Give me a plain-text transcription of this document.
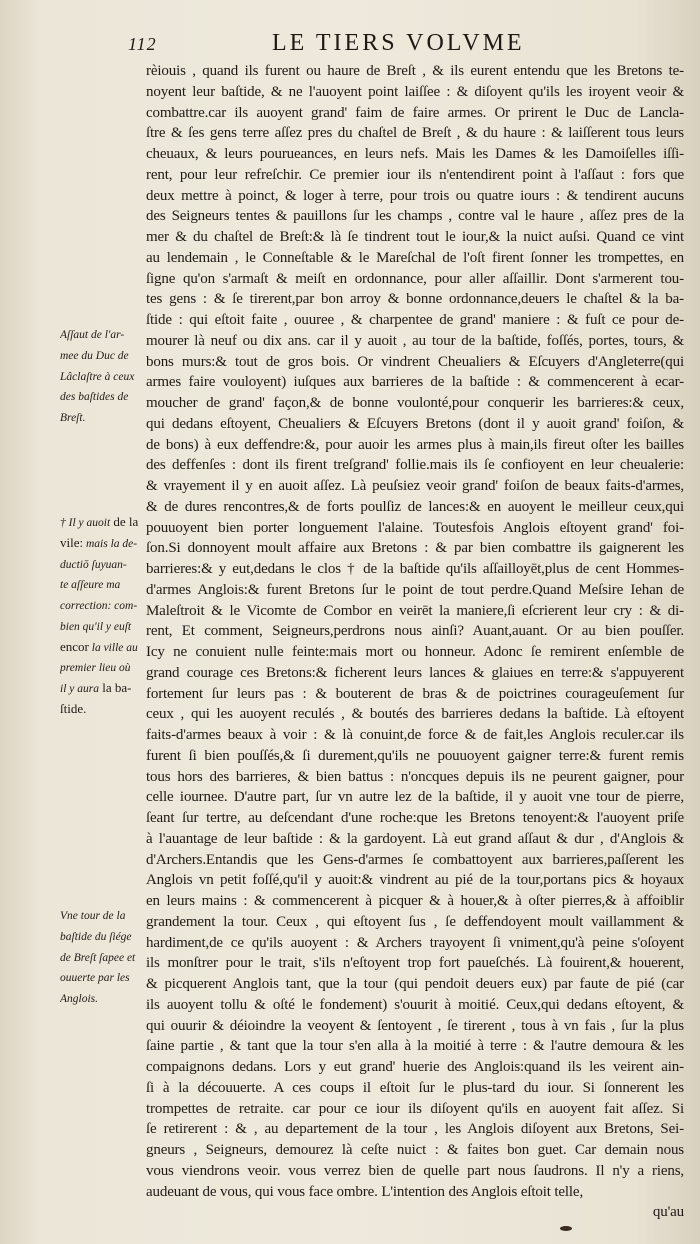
112	LE TIERS VOLVME
rèiouis , quand ils furent ou haure de Breſt , & ils eurent entendu que les Bretons te-
noyent leur baſtide, & ne l'auoyent point laiſſee : & diſoyent qu'ils les iroyent veoir &
combattre.car ils auoyent grand' faim de faire armes. Or prirent le Duc de Lancla-
ſtre & ſes gens terre aſſez pres du chaſtel de Breſt , & du haure : & laiſſerent tous leurs
cheuaux, & leurs pourueances, en leurs nefs. Mais les Dames & les Damoiſelles iſſi-
rent, pour leur refreſchir. Ce premier iour ils n'entendirent point à l'aſſaut : fors que
deux mettre à poinct, & loger à terre, pour trois ou quatre iours : & tendirent aucuns
des Seigneurs tentes & pauillons ſur les champs , contre val le haure , aſſez pres de la
mer & du chaſtel de Breſt:& là ſe tindrent tout le iour,& la nuict auſsi. Quand ce vint
au lendemain , le Conneſtable & le Mareſchal de l'oſt firent ſonner les trompettes, en
ſigne qu'on s'armaſt & meiſt en ordonnance, pour aller aſſaillir. Dont s'armerent tou-
tes gens : & ſe tirerent,par bon arroy & bonne ordonnance,deuers le chaſtel & la ba-
ſtide : qui eſtoit faite , ouuree , & charpentee de grand' maniere : & fuſt ce pour de-
mourer là neuf ou dix ans. car il y auoit , au tour de la baſtide, foſſés, portes, tours, &
bons murs:& tout de gros bois. Or vindrent Cheualiers & Eſcuyers d'Angleterre(qui
armes faire vouloyent) iuſques aux barrieres de la baſtide : & commencerent à ecar-
moucher de grand' façon,& de bonne voulonté,pour conquerir les barrieres:& ceux,
qui dedans eſtoyent, Cheualiers & Eſcuyers Bretons (dont il y auoit grand' foiſon, &
de bons) à eux deffendre:&, pour auoir les armes plus à main,ils fireut oſter les bailles
des deffenſes : dont ils firent treſgrand' follie.mais ils ſe confioyent en leur cheualerie:
& vrayement il y en auoit aſſez. Là peuſsiez veoir grand' foiſon de beaux faits-d'armes,
& de dures rencontres,& de forts poulſiz de lances:& en auoyent le meilleur ceux,qui
pouuoyent bien porter longuement l'alaine. Toutesfois Anglois eſtoyent grand' foi-
ſon.Si donnoyent moult affaire aux Bretons : & par bien combattre ils gaignerent les
barrieres:& y eut,dedans le clos † de la baſtide qu'ils aſſailloyēt,plus de cent Hommes-
d'armes Anglois:& furent Bretons ſur le point de tout perdre.Quand Meſsire Iehan de
Maleſtroit & le Vicomte de Combor en veirēt la maniere,ſi eſcrierent leur cry : & di-
rent, Et comment, Seigneurs,perdrons nous ainſi? Auant,auant. Or au bien pouſſer.
Icy ne conuient nulle feinte:mais mort ou honneur. Adonc ſe remirent enſemble de
grand courage ces Bretons:& ficherent leurs lances & glaiues en terre:& s'appuyerent
fortement ſur leurs pas : & bouterent de bras & de poictrines courageuſement ſur
ceux , qui les auoyent reculés , & boutés des barrieres dedans la baſtide. Là eſtoyent
faits-d'armes beaux à voir : & là conuint,de force & de fait,les Anglois reculer.car ils
furent ſi bien pouſſés,& ſi durement,qu'ils ne pouuoyent gaigner terre:& furent remis
tous hors des barrieres, & bien battus : n'oncques depuis ils ne peurent gaigner, pour
celle iournee. D'autre part, ſur vn autre lez de la baſtide, il y auoit vne tour de pierre,
ſeant ſur tertre, au deſcendant d'une roche:que les Bretons tenoyent:& l'auoyent priſe
à l'auantage de leur baſtide : & la gardoyent. Là eut grand aſſaut & dur , d'Anglois &
d'Archers.Entandis que les Gens-d'armes ſe combattoyent aux barrieres,paſſerent les
Anglois vn petit foſſé,qu'il y auoit:& vindrent au pié de la tour,portans pics & hoyaux
en leurs mains : & commencerent à picquer & à houer,& à oſter pierres,& à affoiblir
grandement la tour. Ceux , qui eſtoyent ſus , ſe deffendoyent moult vaillamment &
hardiment,de ce qu'ils auoyent : & Archers trayoyent ſi vniment,qu'à peine s'oſoyent
ils monſtrer pour le trait, s'ils n'eſtoyent trop fort paueſchés. Là fouirent,& houerent,
& picquerent Anglois tant, que la tour (qui pendoit deuers eux) par faute de pié (car
ils auoyent tollu & oſté le fondement) s'ouurit à moitié. Ceux,qui dedans eſtoyent, &
qui ouurir & déioindre la veoyent & ſentoyent , ſe tirerent , tous à vn fais , ſur la plus
ſaine partie , & tant que la tour s'en alla à la moitié à terre : & l'autre demoura & les
compaignons dedans. Lors y eut grand' huerie des Anglois:quand ils les veirent ain-
ſi à la découuerte. A ces coups il eſtoit ſur le plus-tard du iour. Si ſonnerent les
trompettes de retraite. car pour ce iour ils diſoyent qu'ils en auoyent fait aſſez. Si
ſe retirerent : & , au departement de la tour , les Anglois diſoyent aux Bretons, Sei-
gneurs , Seigneurs, demourez là ceſte nuict : & faites bon guet. Car demain nous
vous viendrons veoir. vous verrez bien de quelle part nous ſaudrons. Il n'y a riens,
audeuant de vous, qui vous face ombre. L'intention des Anglois eſtoit telle,
qu'au
Aſſaut de l'ar-
mee du Duc de
Lâclaſtre à ceux
des baſtides de
Breſt.
† Il y auoit de la
vile: mais la de-
ductiō ſuyuan-
te aſſeure ma
correction: com-
bien qu'il y euſt
encor la ville au
premier lieu où
il y aura la ba-
ſtide.
Vne tour de la
baſtide du ſiége
de Breſt ſapee et
ouuerte par les
Anglois.
